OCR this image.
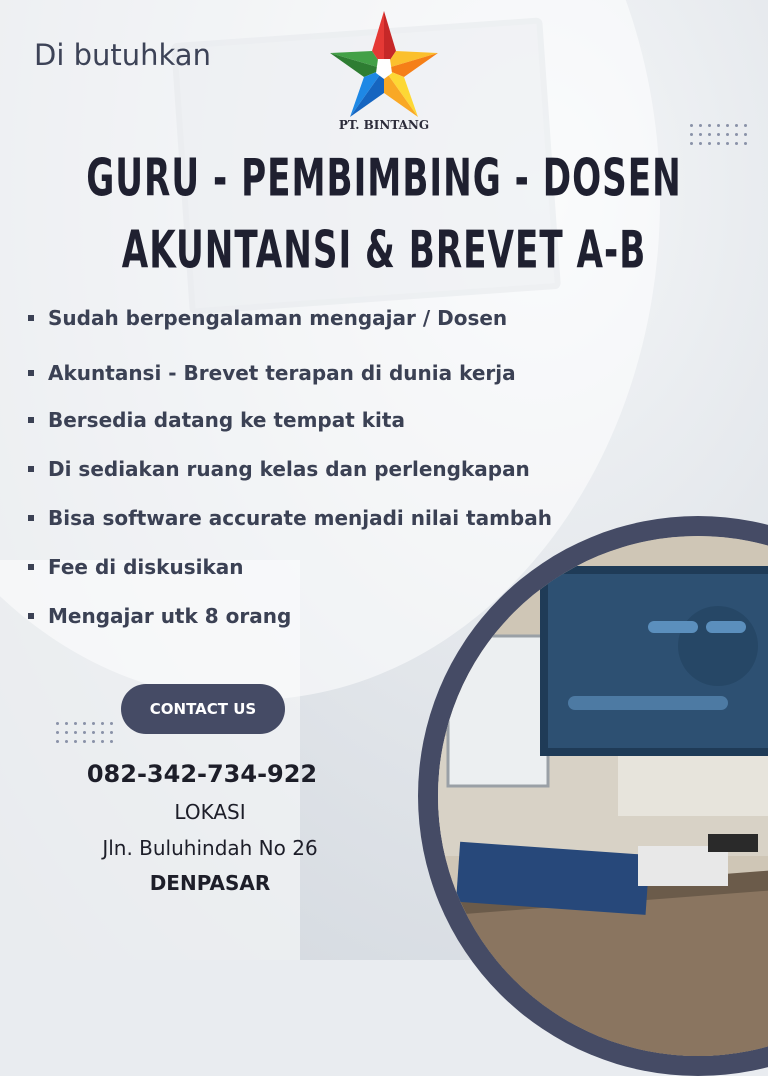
Di butuhkan
PT. BINTANG
GURU - PEMBIMBING - DOSEN
AKUNTANSI & BREVET A-B
Sudah berpengalaman mengajar / Dosen
Akuntansi - Brevet terapan di dunia kerja
Bersedia datang ke tempat kita
Di sediakan ruang kelas dan perlengkapan
Bisa software accurate menjadi nilai tambah
Fee di diskusikan
Mengajar utk 8 orang
CONTACT US
082-342-734-922
LOKASI
Jln. Buluhindah No 26
DENPASAR
